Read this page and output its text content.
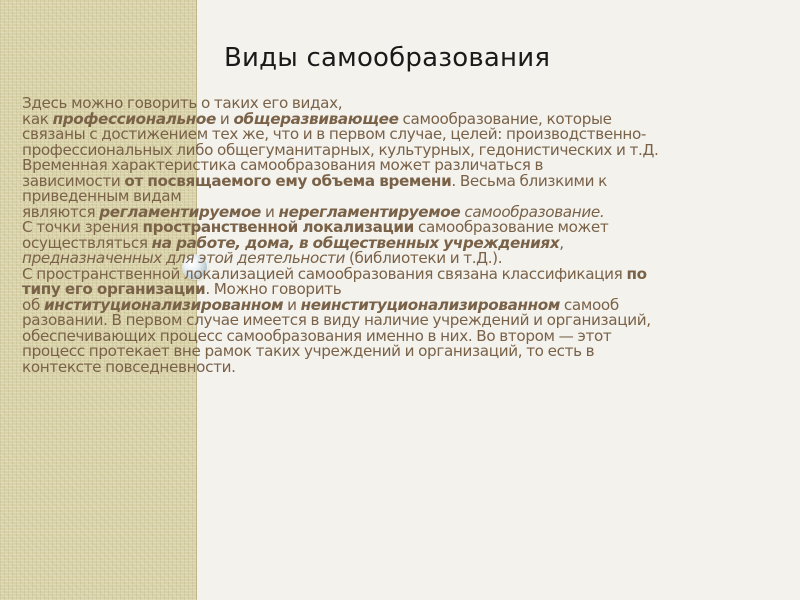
Виды самообразования
Здесь можно говорить о таких его видах,
как профессиональное и общеразвивающее самообразование, которые
связаны с достижением тех же, что и в первом случае, целей: производственно-
профессиональных либо общегуманитарных, культурных, гедонистических и т.Д.
Временная характеристика самообразования может различаться в
зависимости от посвящаемого ему объема времени. Весьма близкими к
приведенным видам
являются регламентируемое и нерегламентируемое самообразование.
С точки зрения пространственной локализации самообразование может
осуществляться на работе, дома, в общественных учреждениях,
предназначенных для этой деятельности (библиотеки и т.Д.).
С пространственной локализацией самообразования связана классификация по
типу его организации. Можно говорить
об институционализированном и неинституционализированном самооб
разовании. В первом случае имеется в виду наличие учреждений и организаций,
обеспечивающих процесс самообразования именно в них. Во втором — этот
процесс протекает вне рамок таких учреждений и организаций, то есть в
контексте повседневности.
